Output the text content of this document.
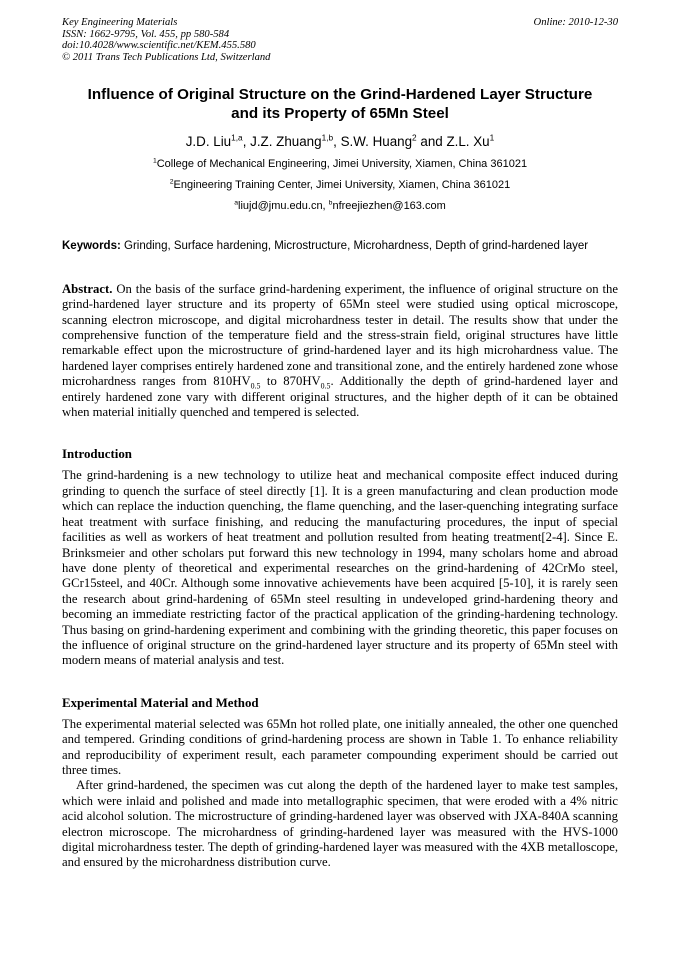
Key Engineering Materials
ISSN: 1662-9795, Vol. 455, pp 580-584
doi:10.4028/www.scientific.net/KEM.455.580
© 2011 Trans Tech Publications Ltd, Switzerland
Online: 2010-12-30
Influence of Original Structure on the Grind-Hardened Layer Structure
and its Property of 65Mn Steel
J.D. Liu$^{1,a}$, J.Z. Zhuang$^{1,b}$, S.W. Huang$^2$ and Z.L. Xu$^1$
$^1$College of Mechanical Engineering, Jimei University, Xiamen, China 361021
$^2$Engineering Training Center, Jimei University, Xiamen, China 361021
$^a$liujd@jmu.edu.cn, $^b$nfreejiezhen@163.com

Keywords: Grinding, Surface hardening, Microstructure, Microhardness, Depth of grind-hardened layer

Abstract. On the basis of the surface grind-hardening experiment, the influence of original structure on the grind-hardened layer structure and its property of 65Mn steel were studied using optical microscope, scanning electron microscope, and digital microhardness tester in detail. The results show that under the comprehensive function of the temperature field and the stress-strain field, original structures have little remarkable effect upon the microstructure of grind-hardened layer and its high microhardness value. The hardened layer comprises entirely hardened zone and transitional zone, and the entirely hardened zone whose microhardness ranges from $810HV_{0.5}$ to $870HV_{0.5}$. Additionally the depth of grind-hardened layer and entirely hardened zone vary with different original structures, and the higher depth of it can be obtained when material initially quenched and tempered is selected.

Introduction

The grind-hardening is a new technology to utilize heat and mechanical composite effect induced during grinding to quench the surface of steel directly [1]. It is a green manufacturing and clean production mode which can replace the induction quenching, the flame quenching, and the laser-quenching integrating surface heat treatment with surface finishing, and reducing the manufacturing procedures, the input of special facilities as well as workers of heat treatment and pollution resulted from heating treatment[2-4]. Since E. Brinksmeier and other scholars put forward this new technology in 1994, many scholars home and abroad have done plenty of theoretical and experimental researches on the grind-hardening of 42CrMo steel, GCr15steel, and 40Cr. Although some innovative achievements have been acquired [5-10], it is rarely seen the research about grind-hardening of 65Mn steel resulting in undeveloped grind-hardening theory and becoming an immediate restricting factor of the practical application of the grinding-hardening technology. Thus basing on grind-hardening experiment and combining with the grinding theoretic, this paper focuses on the influence of original structure on the grind-hardened layer structure and its property of 65Mn steel with modern means of material analysis and test.

Experimental Material and Method

The experimental material selected was 65Mn hot rolled plate, one initially annealed, the other one quenched and tempered. Grinding conditions of grind-hardening process are shown in Table 1. To enhance reliability and reproducibility of experiment result, each parameter compounding experiment should be carried out three times.

After grind-hardened, the specimen was cut along the depth of the hardened layer to make test samples, which were inlaid and polished and made into metallographic specimen, that were eroded with a 4% nitric acid alcohol solution. The microstructure of grinding-hardened layer was observed with JXA-840A scanning electron microscope. The microhardness of grinding-hardened layer was measured with the HVS-1000 digital microhardness tester. The depth of grinding-hardened layer was measured with the 4XB metalloscope, and ensured by the microhardness distribution curve.
